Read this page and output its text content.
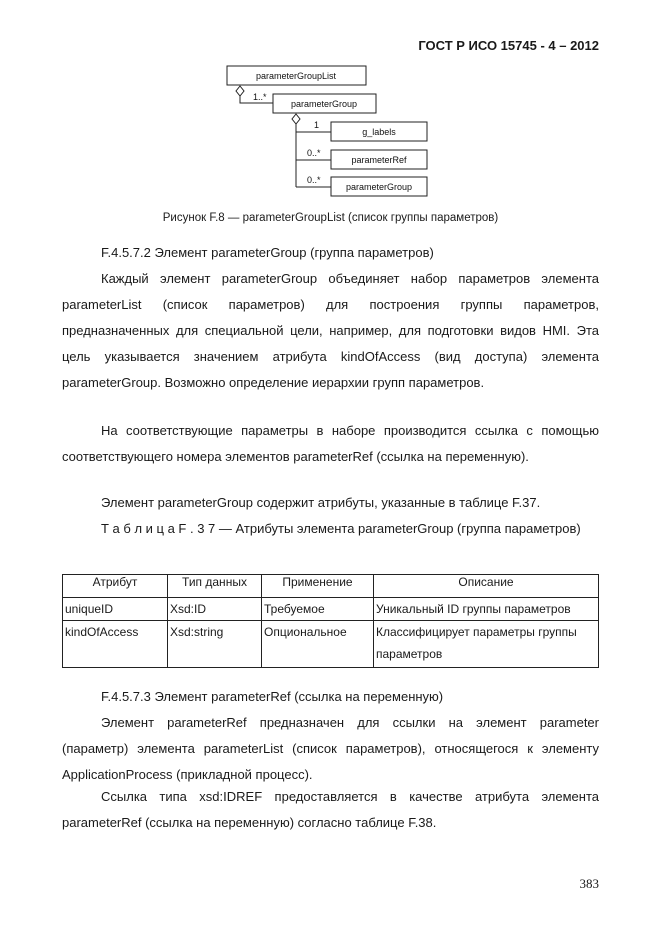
ГОСТ Р ИСО 15745 - 4 – 2012
parameterGroupList
1..*
parameterGroup
1
g_labels
0..*
parameterRef
0..*
parameterGroup
Рисунок F.8 — parameterGroupList (список группы параметров)

F.4.5.7.2 Элемент parameterGroup (группа параметров)

Каждый элемент parameterGroup объединяет набор параметров элемента parameterList (список параметров) для построения группы параметров, предназначенных для специальной цели, например, для подготовки видов HMI. Эта цель указывается значением атрибута kindOfAccess (вид доступа) элемента parameterGroup. Возможно определение иерархии групп параметров.

На соответствующие параметры в наборе производится ссылка с помощью соответствующего номера элементов parameterRef (ссылка на переменную).

Элемент parameterGroup содержит атрибуты, указанные в таблице F.37.

Т а б л и ц а F . 3 7 — Атрибуты элемента parameterGroup (группа параметров)

Атрибут	Тип данных	Применение	Описание
uniqueID	Xsd:ID	Требуемое	Уникальный ID группы параметров
kindOfAccess	Xsd:string	Опциональное	Классифицирует параметры группы параметров

F.4.5.7.3 Элемент parameterRef (ссылка на переменную)

Элемент parameterRef предназначен для ссылки на элемент parameter (параметр) элемента parameterList (список параметров), относящегося к элементу ApplicationProcess (прикладной процесс).

Ссылка типа xsd:IDREF предоставляется в качестве атрибута элемента parameterRef (ссылка на переменную) согласно таблице F.38.

383
